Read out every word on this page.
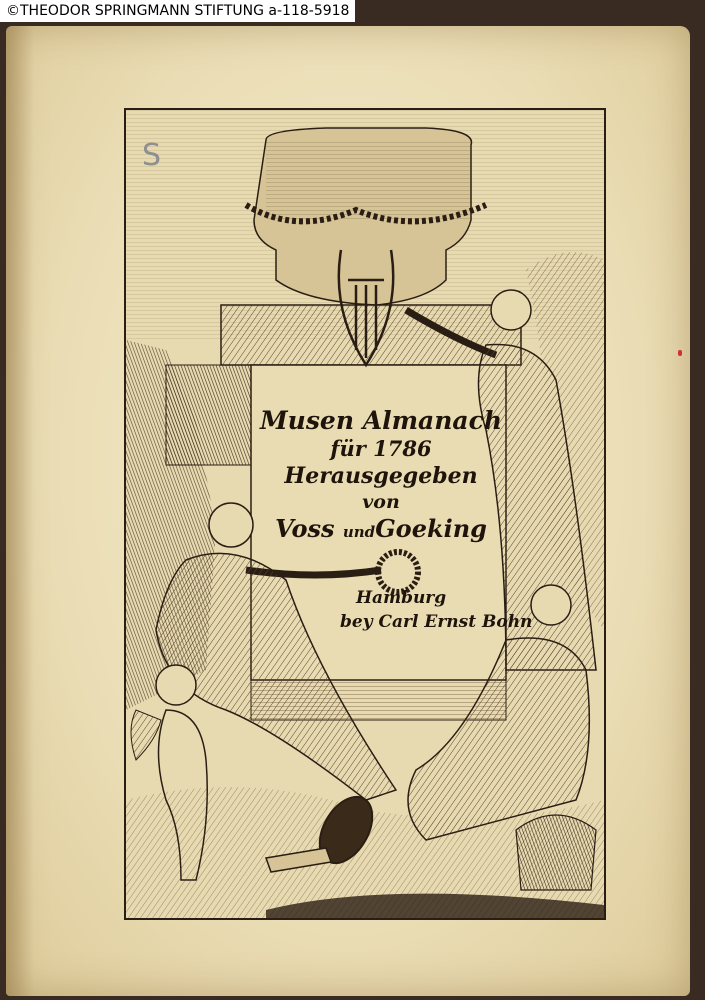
©THEODOR SPRINGMANN STIFTUNG a-118-5918
S
Musen Almanach
für 1786
Herausgegeben
von
Voss undGoeking
Hamburg
bey Carl Ernst Bohn
